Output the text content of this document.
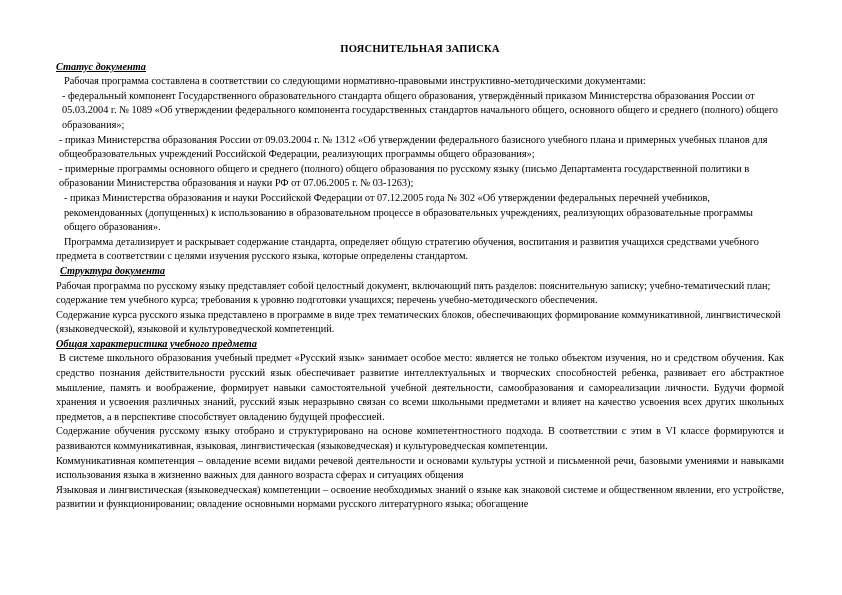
ПОЯСНИТЕЛЬНАЯ ЗАПИСКА

Статус документа

Рабочая программа составлена в соответствии со следующими нормативно-правовыми инструктивно-методическими документами:

- федеральный компонент Государственного образовательного стандарта общего образования, утверждённый приказом Министерства образования России от 05.03.2004 г. № 1089 «Об утверждении федерального компонента государственных стандартов начального общего, основного общего и среднего (полного) общего образования»;

- приказ Министерства образования России от 09.03.2004 г. № 1312 «Об утверждении федерального базисного учебного плана и примерных учебных планов для общеобразовательных учреждений Российской Федерации, реализующих программы общего образования»;

- примерные программы основного общего и среднего (полного) общего образования по русскому языку (письмо Департамента государственной политики в образовании Министерства образования и науки РФ от 07.06.2005 г. № 03-1263);

- приказ Министерства образования и науки Российской Федерации от 07.12.2005 года № 302 «Об утверждении федеральных перечней учебников, рекомендованных (допущенных) к использованию в образовательном процессе в образовательных учреждениях, реализующих образовательные программы общего образования».

Программа детализирует и раскрывает содержание стандарта, определяет общую стратегию обучения, воспитания и развития учащихся средствами учебного предмета в соответствии с целями изучения русского языка, которые определены стандартом.

Структура документа

Рабочая программа по русскому языку представляет собой целостный документ, включающий пять разделов: пояснительную записку; учебно-тематический план; содержание тем учебного курса; требования к уровню подготовки учащихся; перечень учебно-методического обеспечения.

Содержание курса русского языка представлено в программе в виде трех тематических блоков, обеспечивающих формирование коммуникативной, лингвистической (языковедческой), языковой и культуроведческой компетенций.

Общая характеристика учебного предмета

В системе школьного образования учебный предмет «Русский язык» занимает особое место: является не только объектом изучения, но и средством обучения. Как средство познания действительности русский язык обеспечивает развитие интеллектуальных и творческих способностей ребенка, развивает его абстрактное мышление, память и воображение, формирует навыки самостоятельной учебной деятельности, самообразования и самореализации личности. Будучи формой хранения и усвоения различных знаний, русский язык неразрывно связан со всеми школьными предметами и влияет на качество усвоения всех других школьных предметов, а в перспективе способствует овладению будущей профессией.

Содержание обучения русскому языку отобрано и структурировано на основе компетентностного подхода. В соответствии с этим в VI классе формируются и развиваются коммуникативная, языковая, лингвистическая (языковедческая) и культуроведческая компетенции.

Коммуникативная компетенция – овладение всеми видами речевой деятельности и основами культуры устной и письменной речи, базовыми умениями и навыками использования языка в жизненно важных для данного возраста сферах и ситуациях общения

Языковая и лингвистическая (языковедческая) компетенции – освоение необходимых знаний о языке как знаковой системе и общественном явлении, его устройстве, развитии и функционировании; овладение основными нормами русского литературного языка; обогащение
